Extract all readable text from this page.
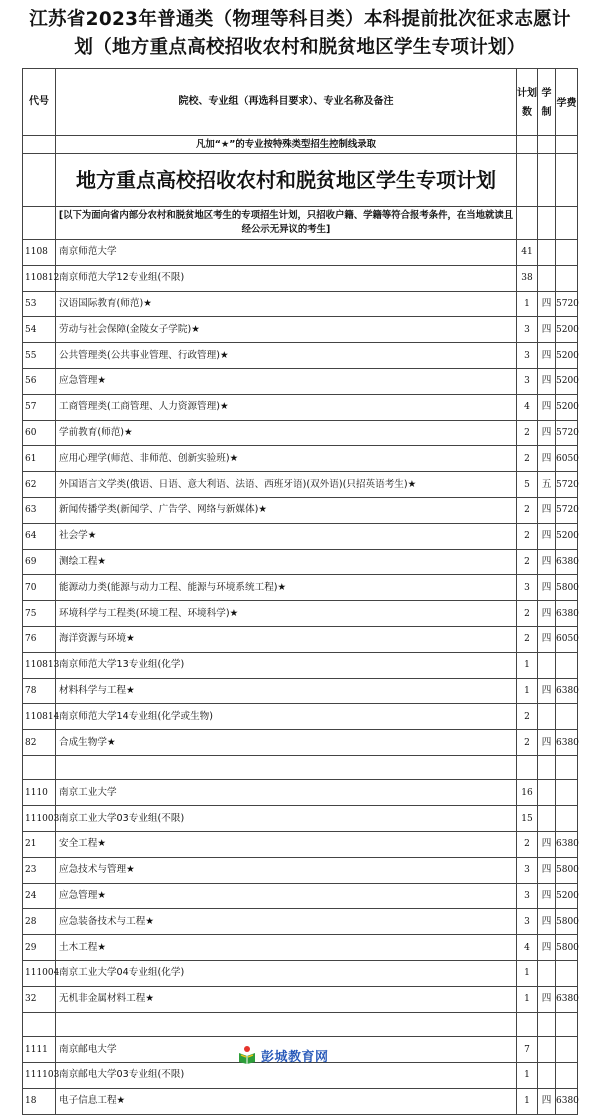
江苏省2023年普通类（物理等科目类）本科提前批次征求志愿计
划（地方重点高校招收农村和脱贫地区学生专项计划）
代号	院校、专业组（再选科目要求）、专业名称及备注	计划数	学制	学费
	凡加“★”的专业按特殊类型招生控制线录取			
	地方重点高校招收农村和脱贫地区学生专项计划			
	[以下为面向省内部分农村和脱贫地区考生的专项招生计划，只招收户籍、学籍等符合报考条件，在当地就读且经公示无异议的考生]			
1108	南京师范大学	41		
110812	南京师范大学12专业组(不限)	38		
53	汉语国际教育(师范)★	1	四	5720
54	劳动与社会保障(金陵女子学院)★	3	四	5200
55	公共管理类(公共事业管理、行政管理)★	3	四	5200
56	应急管理★	3	四	5200
57	工商管理类(工商管理、人力资源管理)★	4	四	5200
60	学前教育(师范)★	2	四	5720
61	应用心理学(师范、非师范、创新实验班)★	2	四	6050
62	外国语言文学类(俄语、日语、意大利语、法语、西班牙语)(双外语)(只招英语考生)★	5	五	5720
63	新闻传播学类(新闻学、广告学、网络与新媒体)★	2	四	5720
64	社会学★	2	四	5200
69	测绘工程★	2	四	6380
70	能源动力类(能源与动力工程、能源与环境系统工程)★	3	四	5800
75	环境科学与工程类(环境工程、环境科学)★	2	四	6380
76	海洋资源与环境★	2	四	6050
110813	南京师范大学13专业组(化学)	1		
78	材料科学与工程★	1	四	6380
110814	南京师范大学14专业组(化学或生物)	2		
82	合成生物学★	2	四	6380

1110	南京工业大学	16		
111003	南京工业大学03专业组(不限)	15		
21	安全工程★	2	四	6380
23	应急技术与管理★	3	四	5800
24	应急管理★	3	四	5200
28	应急装备技术与工程★	3	四	5800
29	土木工程★	4	四	5800
111004	南京工业大学04专业组(化学)	1		
32	无机非金属材料工程★	1	四	6380

1111	南京邮电大学	7		
111103	南京邮电大学03专业组(不限)	1		
18	电子信息工程★	1	四	6380
彭城教育网
